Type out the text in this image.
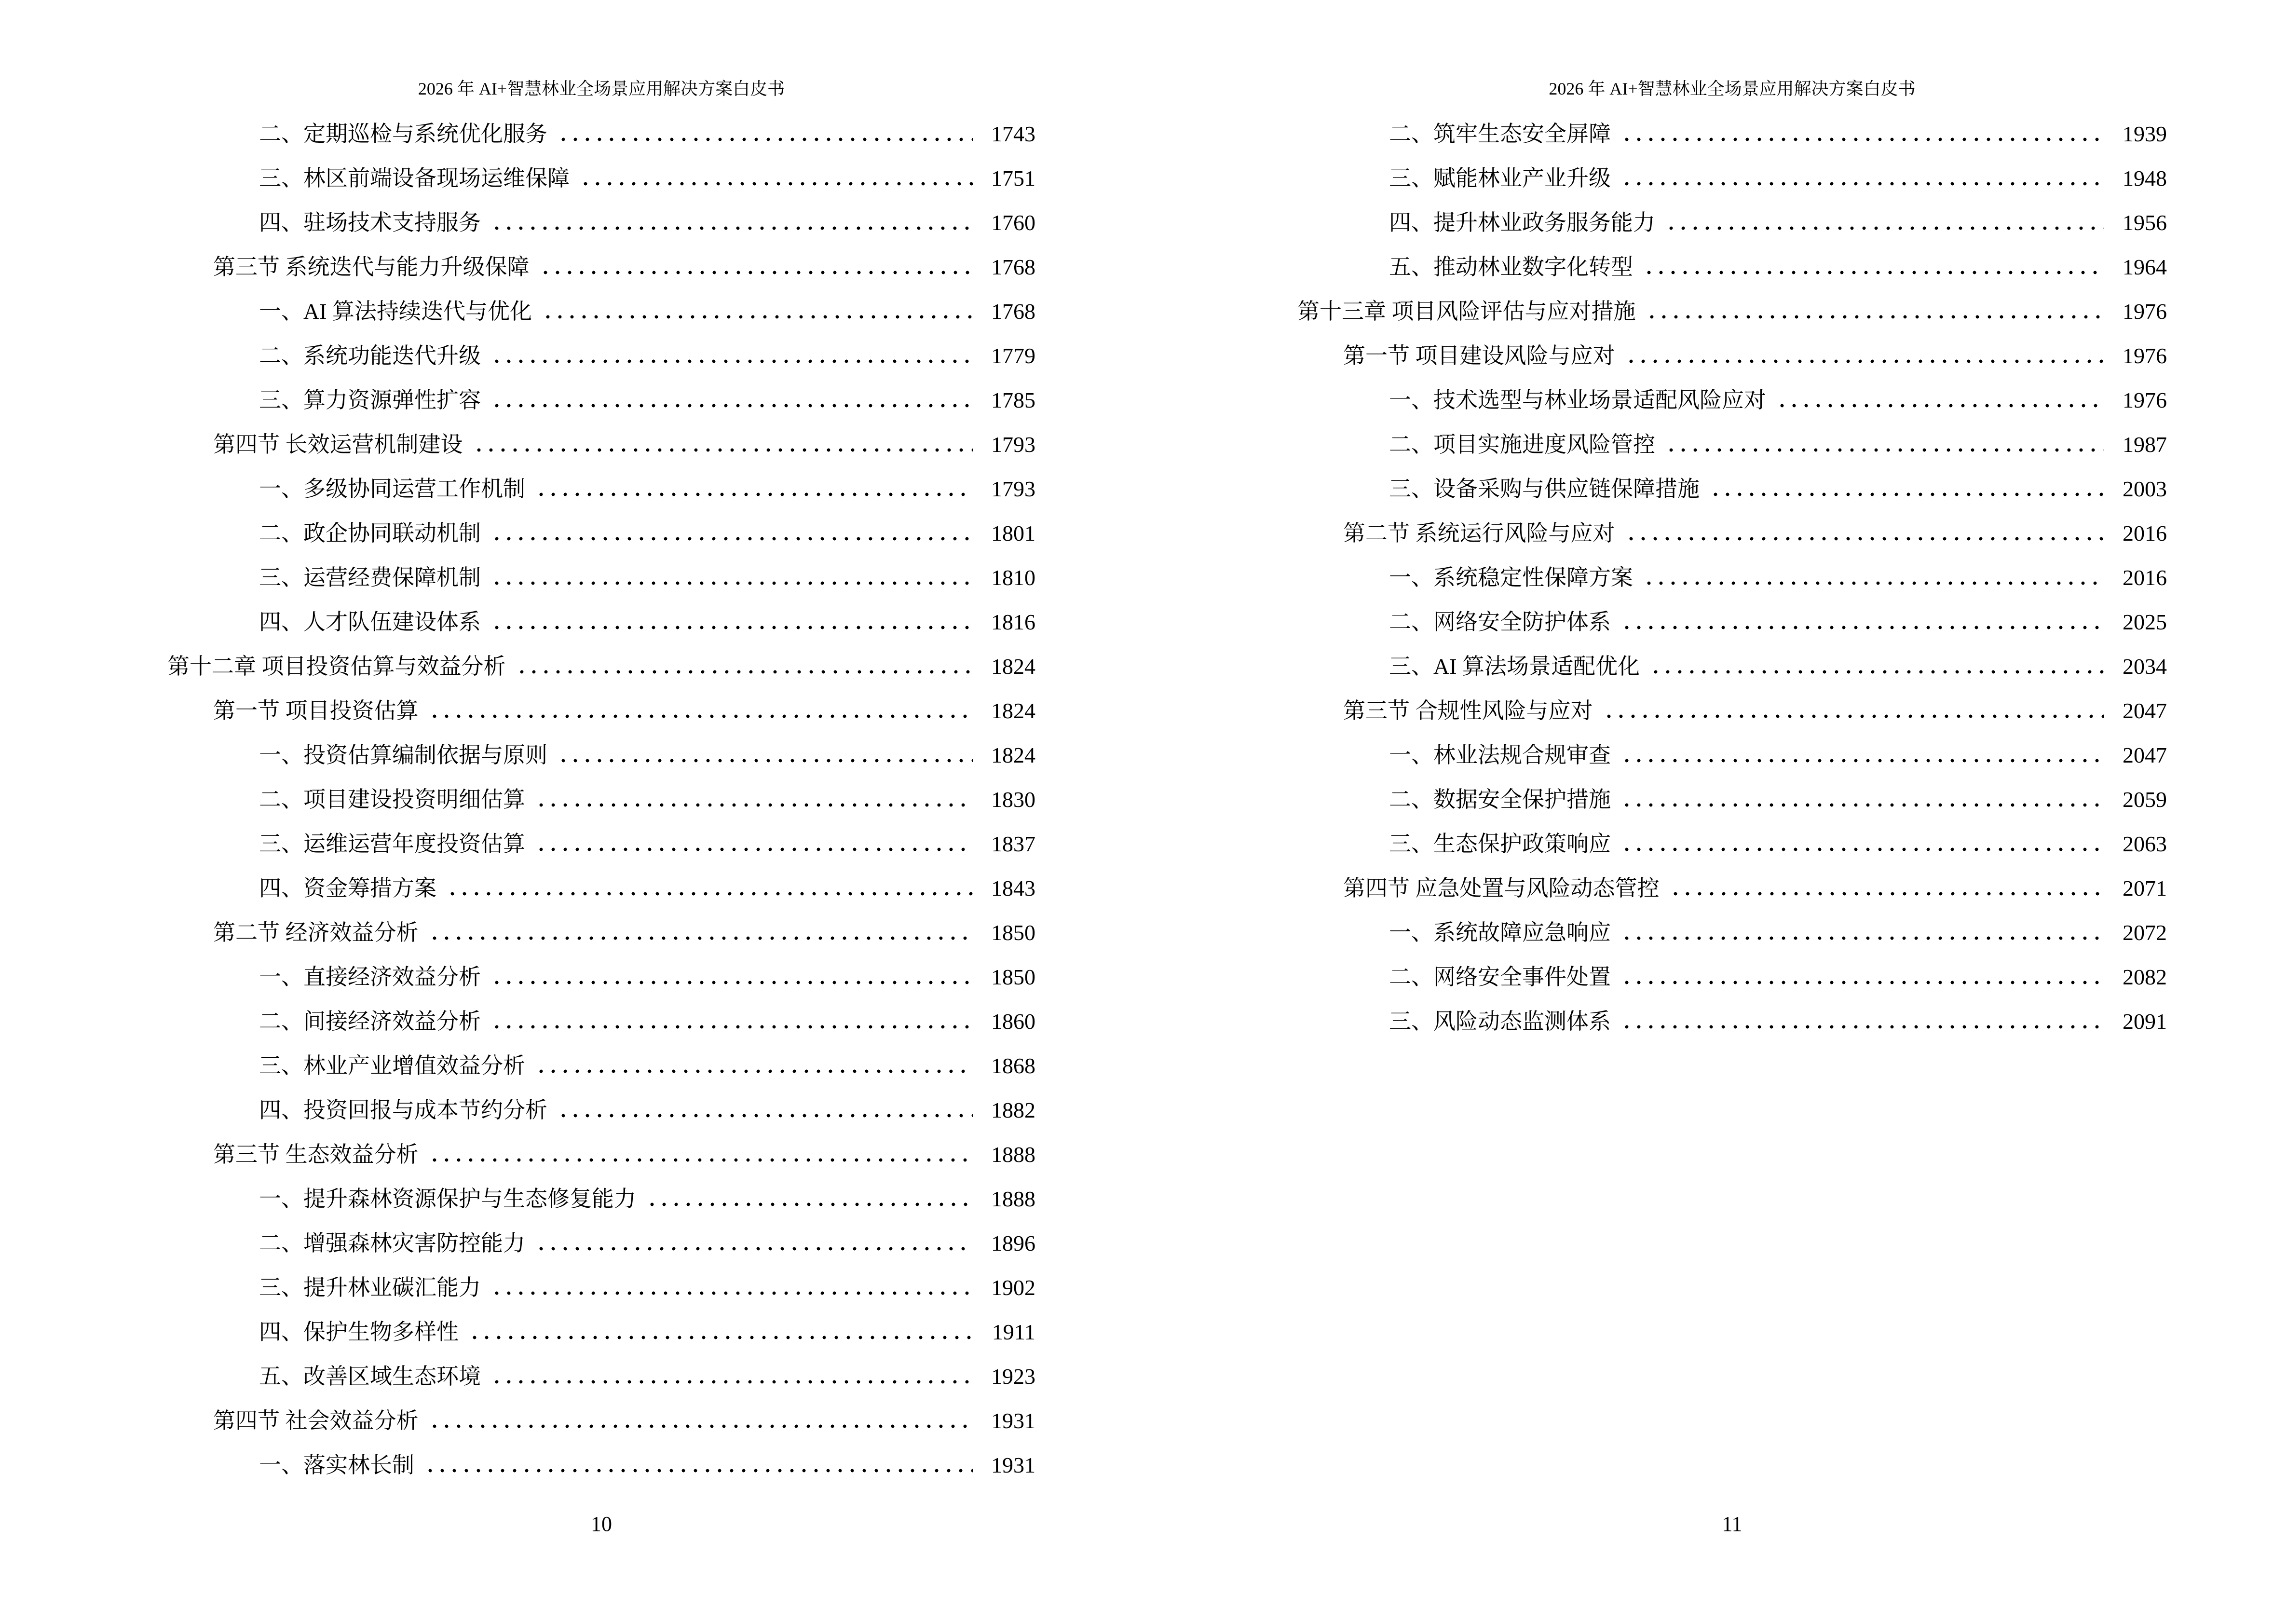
2026 年 AI+智慧林业全场景应用解决方案白皮书
二、定期巡检与系统优化服务	1743
三、林区前端设备现场运维保障	1751
四、驻场技术支持服务	1760
第三节 系统迭代与能力升级保障	1768
一、AI 算法持续迭代与优化	1768
二、系统功能迭代升级	1779
三、算力资源弹性扩容	1785
第四节 长效运营机制建设	1793
一、多级协同运营工作机制	1793
二、政企协同联动机制	1801
三、运营经费保障机制	1810
四、人才队伍建设体系	1816
第十二章 项目投资估算与效益分析	1824
第一节 项目投资估算	1824
一、投资估算编制依据与原则	1824
二、项目建设投资明细估算	1830
三、运维运营年度投资估算	1837
四、资金筹措方案	1843
第二节 经济效益分析	1850
一、直接经济效益分析	1850
二、间接经济效益分析	1860
三、林业产业增值效益分析	1868
四、投资回报与成本节约分析	1882
第三节 生态效益分析	1888
一、提升森林资源保护与生态修复能力	1888
二、增强森林灾害防控能力	1896
三、提升林业碳汇能力	1902
四、保护生物多样性	1911
五、改善区域生态环境	1923
第四节 社会效益分析	1931
一、落实林长制	1931
10
2026 年 AI+智慧林业全场景应用解决方案白皮书
二、筑牢生态安全屏障	1939
三、赋能林业产业升级	1948
四、提升林业政务服务能力	1956
五、推动林业数字化转型	1964
第十三章 项目风险评估与应对措施	1976
第一节 项目建设风险与应对	1976
一、技术选型与林业场景适配风险应对	1976
二、项目实施进度风险管控	1987
三、设备采购与供应链保障措施	2003
第二节 系统运行风险与应对	2016
一、系统稳定性保障方案	2016
二、网络安全防护体系	2025
三、AI 算法场景适配优化	2034
第三节 合规性风险与应对	2047
一、林业法规合规审查	2047
二、数据安全保护措施	2059
三、生态保护政策响应	2063
第四节 应急处置与风险动态管控	2071
一、系统故障应急响应	2072
二、网络安全事件处置	2082
三、风险动态监测体系	2091
11
